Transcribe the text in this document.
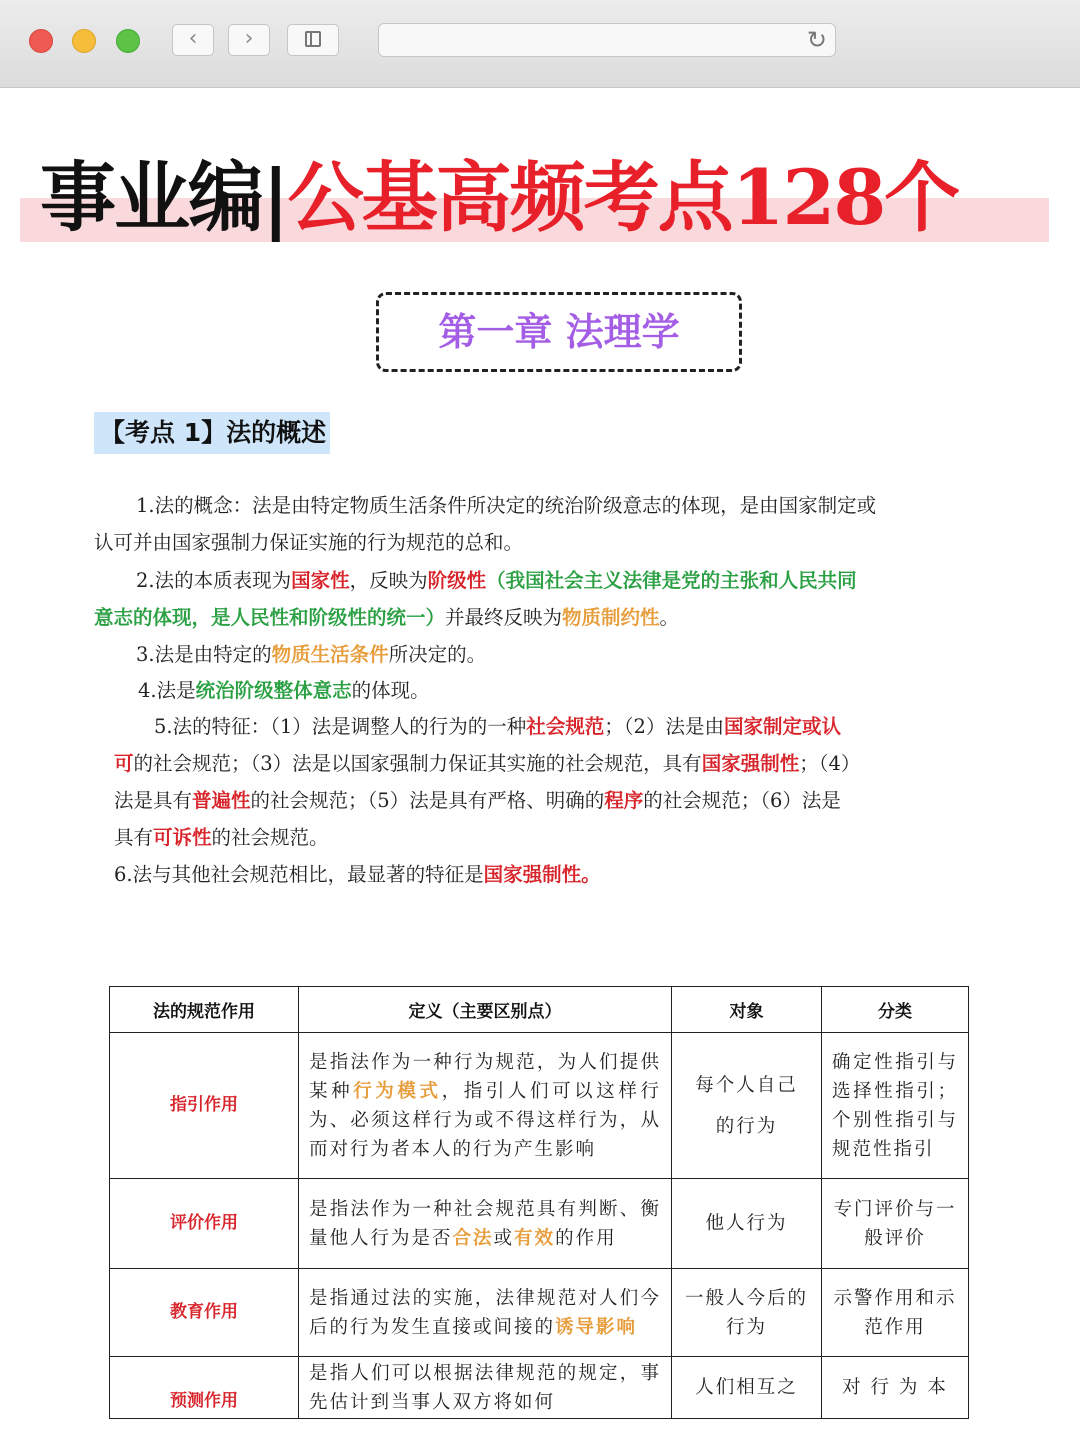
‹	›	↻
事业编|公基高频考点128个
第一章 法理学
【考点 1】法的概述
1.法的概念：法是由特定物质生活条件所决定的统治阶级意志的体现，是由国家制定或
认可并由国家强制力保证实施的行为规范的总和。
2.法的本质表现为国家性，反映为阶级性（我国社会主义法律是党的主张和人民共同
意志的体现，是人民性和阶级性的统一）并最终反映为物质制约性。
3.法是由特定的物质生活条件所决定的。
4.法是统治阶级整体意志的体现。
5.法的特征：（1）法是调整人的行为的一种社会规范；（2）法是由国家制定或认
可的社会规范；（3）法是以国家强制力保证其实施的社会规范，具有国家强制性；（4）
法是具有普遍性的社会规范；（5）法是具有严格、明确的程序的社会规范；（6）法是
具有可诉性的社会规范。
6.法与其他社会规范相比，最显著的特征是国家强制性。
法的规范作用	定义（主要区别点）	对象	分类
指引作用	是指法作为一种行为规范，为人们提供某种行为模式，指引人们可以这样行为、必须这样行为或不得这样行为，从而对行为者本人的行为产生影响	每个人自己
的行为	确定性指引与选择性指引；个别性指引与规范性指引
评价作用	是指法作为一种社会规范具有判断、衡量他人行为是否合法或有效的作用	他人行为	专门评价与一般评价
教育作用	是指通过法的实施，法律规范对人们今后的行为发生直接或间接的诱导影响	一般人今后的行为	示警作用和示范作用
预测作用	是指人们可以根据法律规范的规定，事先估计到当事人双方将如何	人们相互之	对 行 为 本
